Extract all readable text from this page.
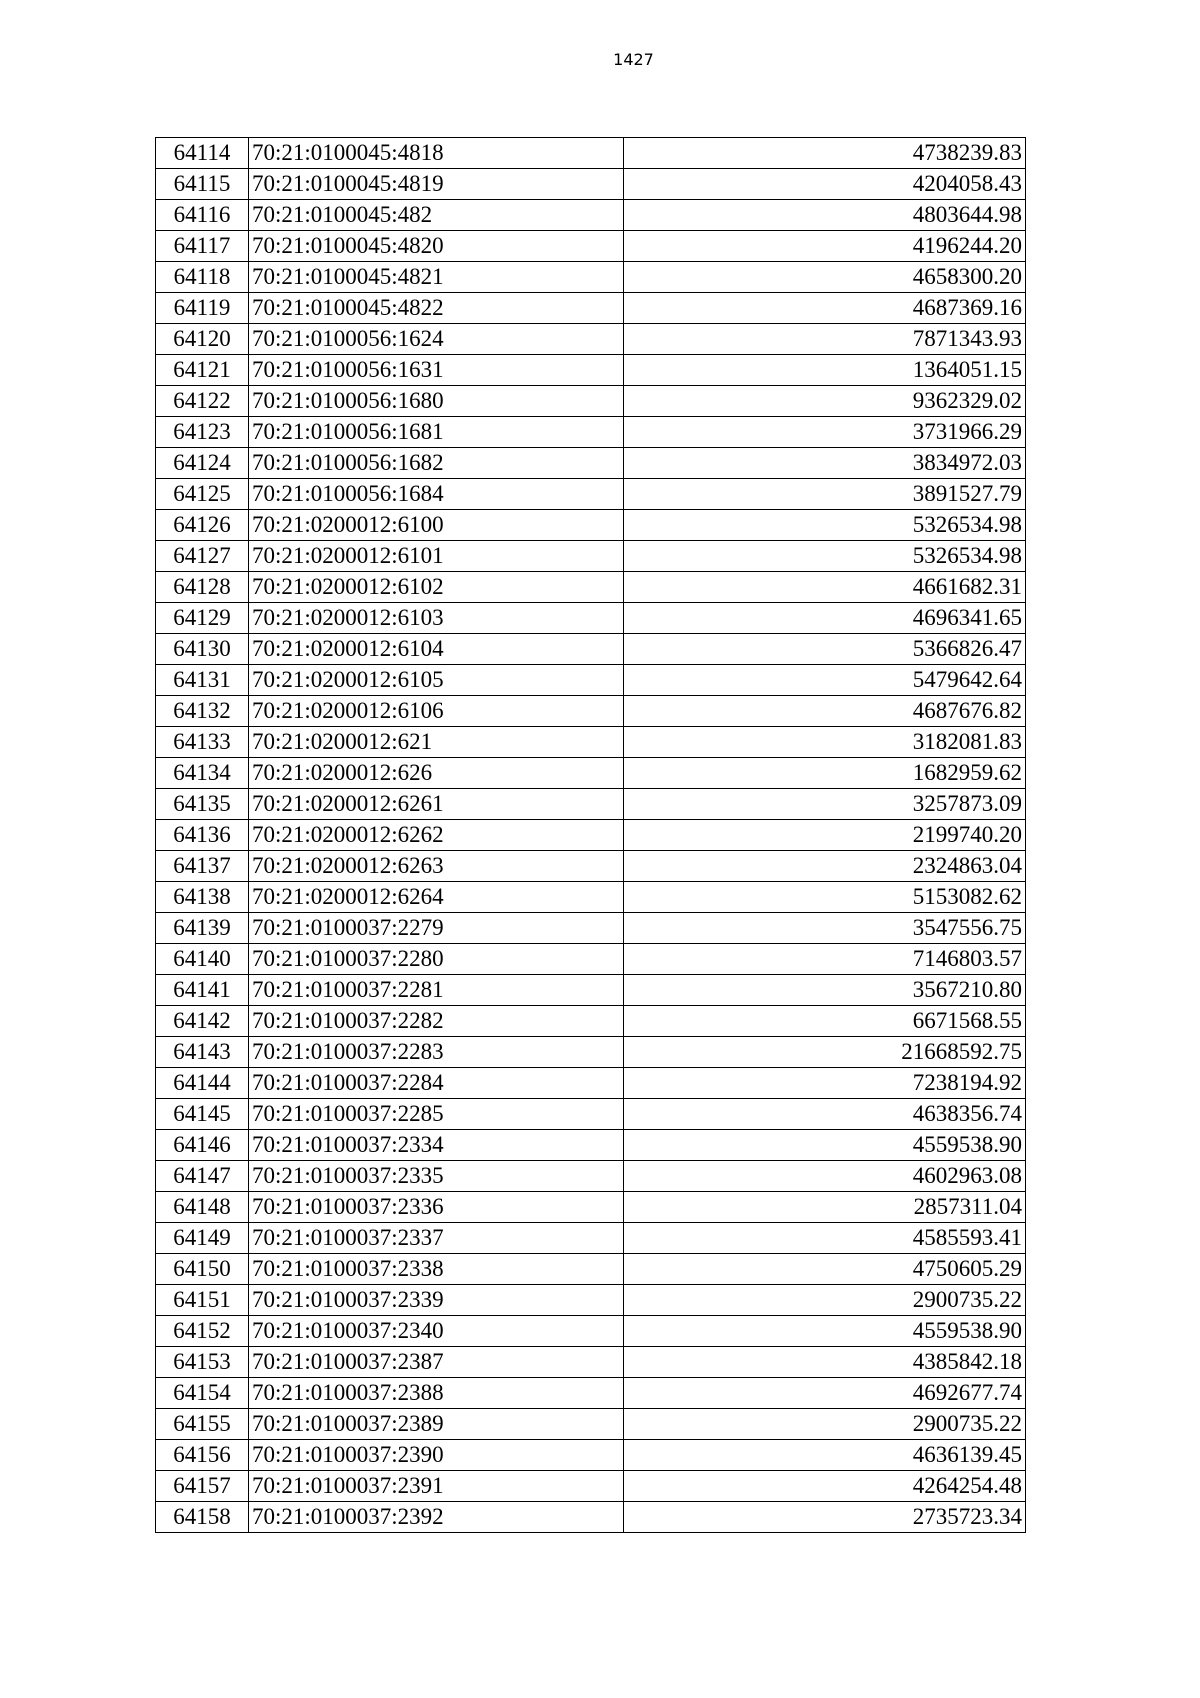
1427
64114	70:21:0100045:4818	4738239.83
64115	70:21:0100045:4819	4204058.43
64116	70:21:0100045:482	4803644.98
64117	70:21:0100045:4820	4196244.20
64118	70:21:0100045:4821	4658300.20
64119	70:21:0100045:4822	4687369.16
64120	70:21:0100056:1624	7871343.93
64121	70:21:0100056:1631	1364051.15
64122	70:21:0100056:1680	9362329.02
64123	70:21:0100056:1681	3731966.29
64124	70:21:0100056:1682	3834972.03
64125	70:21:0100056:1684	3891527.79
64126	70:21:0200012:6100	5326534.98
64127	70:21:0200012:6101	5326534.98
64128	70:21:0200012:6102	4661682.31
64129	70:21:0200012:6103	4696341.65
64130	70:21:0200012:6104	5366826.47
64131	70:21:0200012:6105	5479642.64
64132	70:21:0200012:6106	4687676.82
64133	70:21:0200012:621	3182081.83
64134	70:21:0200012:626	1682959.62
64135	70:21:0200012:6261	3257873.09
64136	70:21:0200012:6262	2199740.20
64137	70:21:0200012:6263	2324863.04
64138	70:21:0200012:6264	5153082.62
64139	70:21:0100037:2279	3547556.75
64140	70:21:0100037:2280	7146803.57
64141	70:21:0100037:2281	3567210.80
64142	70:21:0100037:2282	6671568.55
64143	70:21:0100037:2283	21668592.75
64144	70:21:0100037:2284	7238194.92
64145	70:21:0100037:2285	4638356.74
64146	70:21:0100037:2334	4559538.90
64147	70:21:0100037:2335	4602963.08
64148	70:21:0100037:2336	2857311.04
64149	70:21:0100037:2337	4585593.41
64150	70:21:0100037:2338	4750605.29
64151	70:21:0100037:2339	2900735.22
64152	70:21:0100037:2340	4559538.90
64153	70:21:0100037:2387	4385842.18
64154	70:21:0100037:2388	4692677.74
64155	70:21:0100037:2389	2900735.22
64156	70:21:0100037:2390	4636139.45
64157	70:21:0100037:2391	4264254.48
64158	70:21:0100037:2392	2735723.34
